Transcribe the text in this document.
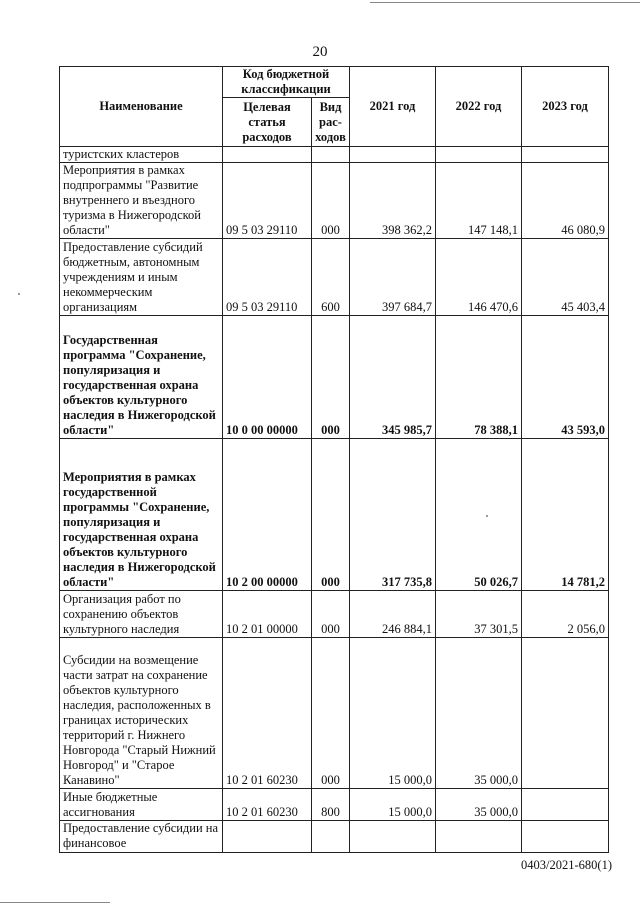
20
Наименование	Код бюджетной классификации		2021 год	2022 год	2023 год
	Целевая статья расходов	Вид рас-ходов			
туристских кластеров					
Мероприятия в рамках подпрограммы "Развитие внутреннего и въездного туризма в Нижегородской области"	09 5 03 29110	000	398 362,2	147 148,1	46 080,9
Предоставление субсидий бюджетным, автономным учреждениям и иным некоммерческим организациям	09 5 03 29110	600	397 684,7	146 470,6	45 403,4
Государственная программа "Сохранение, популяризация и государственная охрана объектов культурного наследия в Нижегородской области"	10 0 00 00000	000	345 985,7	78 388,1	43 593,0
Мероприятия в рамках государственной программы "Сохранение, популяризация и государственная охрана объектов культурного наследия в Нижегородской области"	10 2 00 00000	000	317 735,8	50 026,7	14 781,2
Организация работ по сохранению объектов культурного наследия	10 2 01 00000	000	246 884,1	37 301,5	2 056,0
Субсидии на возмещение части затрат на сохранение объектов культурного наследия, расположенных в границах исторических территорий г. Нижнего Новгорода "Старый Нижний Новгород" и "Старое Канавино"	10 2 01 60230	000	15 000,0	35 000,0	
Иные бюджетные ассигнования	10 2 01 60230	800	15 000,0	35 000,0	
Предоставление субсидии на финансовое					
0403/2021-680(1)
